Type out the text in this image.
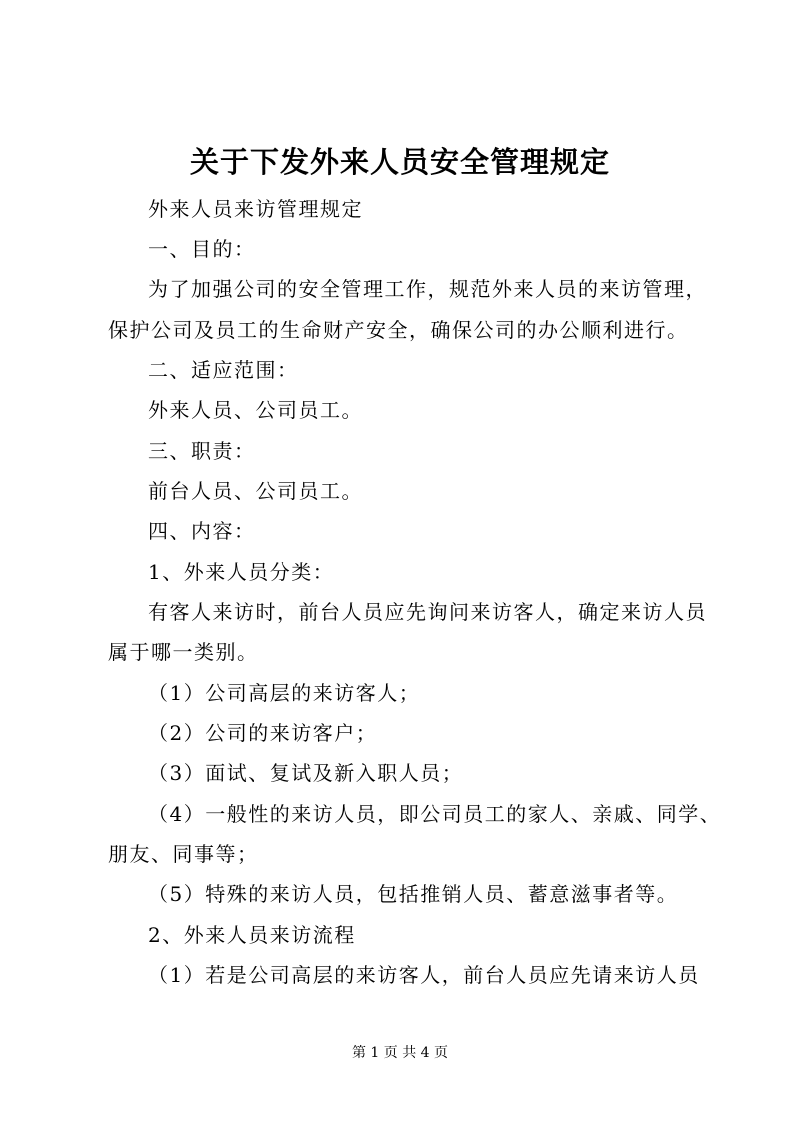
关于下发外来人员安全管理规定
外来人员来访管理规定
一、目的：
为了加强公司的安全管理工作，规范外来人员的来访管理，
保护公司及员工的生命财产安全，确保公司的办公顺利进行。
二、适应范围：
外来人员、公司员工。
三、职责：
前台人员、公司员工。
四、内容：
1、外来人员分类：
有客人来访时，前台人员应先询问来访客人，确定来访人员
属于哪一类别。
（1）公司高层的来访客人；
（2）公司的来访客户；
（3）面试、复试及新入职人员；
（4）一般性的来访人员，即公司员工的家人、亲戚、同学、
朋友、同事等；
（5）特殊的来访人员，包括推销人员、蓄意滋事者等。
2、外来人员来访流程
（1）若是公司高层的来访客人，前台人员应先请来访人员
第 1 页 共 4 页
